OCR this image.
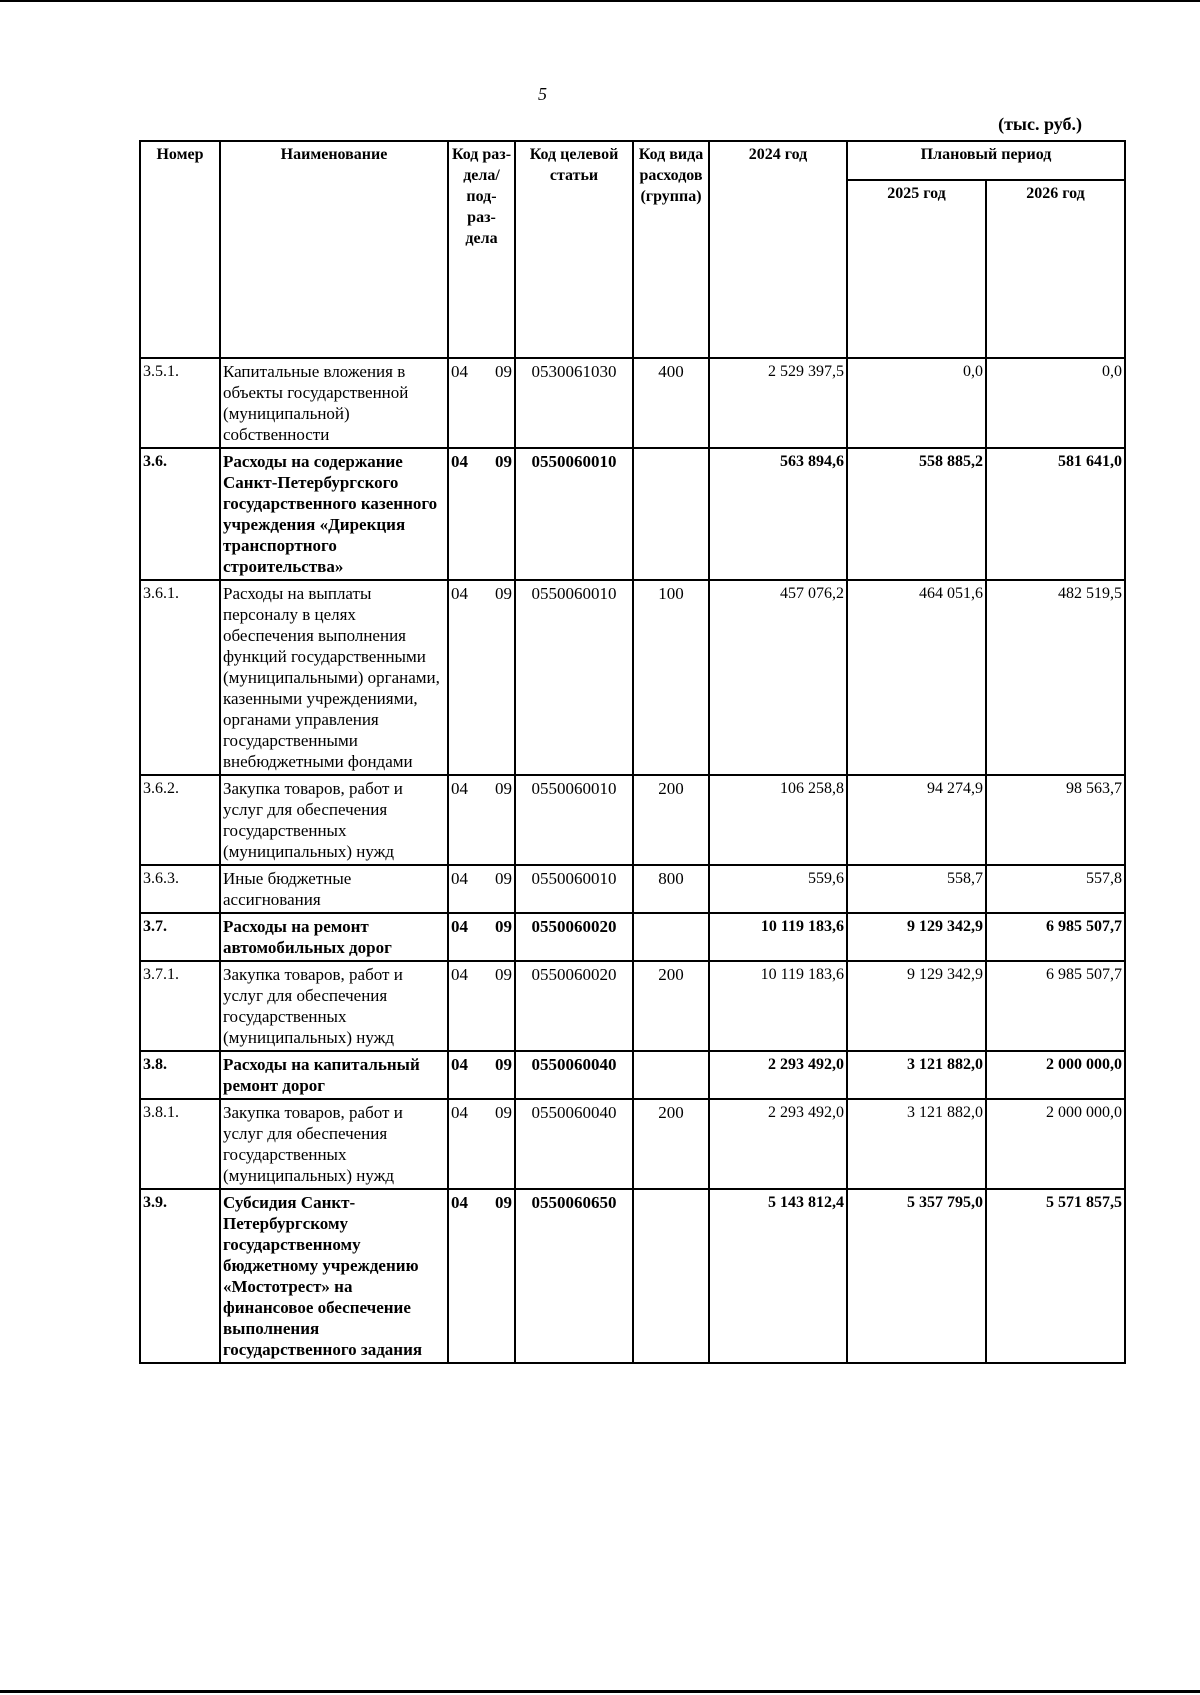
5
(тыс. руб.)
Номер	Наименование	Код раз- дела/ под- раз- дела	Код целевой статьи	Код вида расходов (группа)	2024 год	Плановый период	
						2025 год	2026 год
3.5.1.	Капитальные вложения в объекты государственной (муниципальной) собственности	04 09	0530061030	400	2 529 397,5	0,0	0,0
3.6.	Расходы на содержание Санкт-Петербургского государственного казенного учреждения «Дирекция транспортного строительства»	04 09	0550060010		563 894,6	558 885,2	581 641,0
3.6.1.	Расходы на выплаты персоналу в целях обеспечения выполнения функций государственными (муниципальными) органами, казенными учреждениями, органами управления государственными внебюджетными фондами	04 09	0550060010	100	457 076,2	464 051,6	482 519,5
3.6.2.	Закупка товаров, работ и услуг для обеспечения государственных (муниципальных) нужд	04 09	0550060010	200	106 258,8	94 274,9	98 563,7
3.6.3.	Иные бюджетные ассигнования	04 09	0550060010	800	559,6	558,7	557,8
3.7.	Расходы на ремонт автомобильных дорог	04 09	0550060020		10 119 183,6	9 129 342,9	6 985 507,7
3.7.1.	Закупка товаров, работ и услуг для обеспечения государственных (муниципальных) нужд	04 09	0550060020	200	10 119 183,6	9 129 342,9	6 985 507,7
3.8.	Расходы на капитальный ремонт дорог	04 09	0550060040		2 293 492,0	3 121 882,0	2 000 000,0
3.8.1.	Закупка товаров, работ и услуг для обеспечения государственных (муниципальных) нужд	04 09	0550060040	200	2 293 492,0	3 121 882,0	2 000 000,0
3.9.	Субсидия Санкт-Петербургскому государственному бюджетному учреждению «Мостотрест» на финансовое обеспечение выполнения государственного задания	04 09	0550060650		5 143 812,4	5 357 795,0	5 571 857,5
